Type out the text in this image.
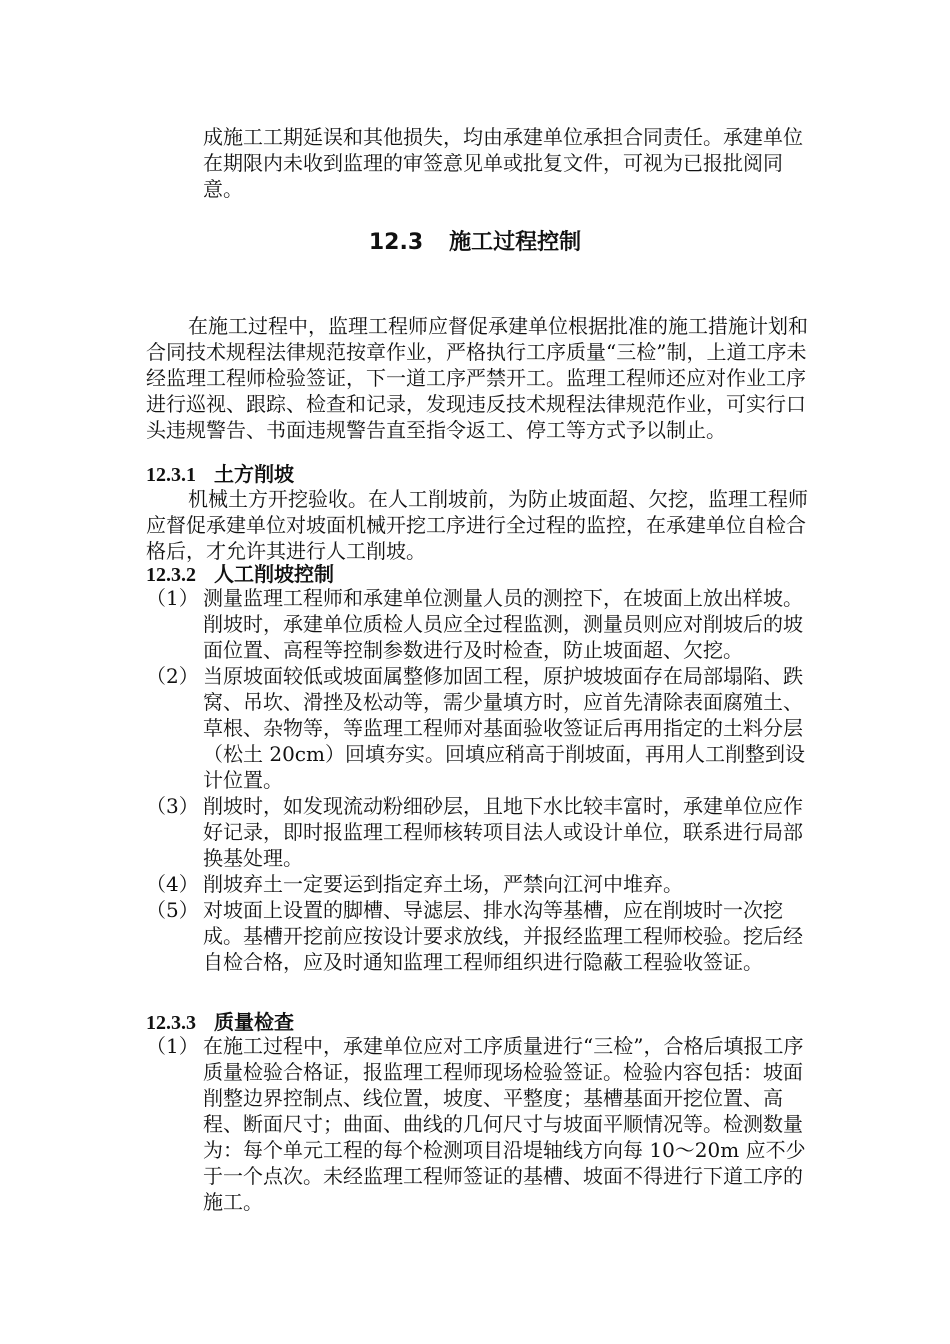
成施工工期延误和其他损失，均由承建单位承担合同责任。承建单位在期限内未收到监理的审签意见单或批复文件，可视为已报批阅同意。

12.3 施工过程控制

在施工过程中，监理工程师应督促承建单位根据批准的施工措施计划和合同技术规程法律规范按章作业，严格执行工序质量“三检”制，上道工序未经监理工程师检验签证，下一道工序严禁开工。监理工程师还应对作业工序进行巡视、跟踪、检查和记录，发现违反技术规程法律规范作业，可实行口头违规警告、书面违规警告直至指令返工、停工等方式予以制止。

12.3.1 土方削坡

机械土方开挖验收。在人工削坡前，为防止坡面超、欠挖，监理工程师应督促承建单位对坡面机械开挖工序进行全过程的监控，在承建单位自检合格后，才允许其进行人工削坡。

12.3.2 人工削坡控制

（1） 测量监理工程师和承建单位测量人员的测控下，在坡面上放出样坡。削坡时，承建单位质检人员应全过程监测，测量员则应对削坡后的坡面位置、高程等控制参数进行及时检查，防止坡面超、欠挖。
（2） 当原坡面较低或坡面属整修加固工程，原护坡坡面存在局部塌陷、跌窝、吊坎、滑挫及松动等，需少量填方时，应首先清除表面腐殖土、草根、杂物等，等监理工程师对基面验收签证后再用指定的土料分层（松土 20cm）回填夯实。回填应稍高于削坡面，再用人工削整到设计位置。
（3） 削坡时，如发现流动粉细砂层，且地下水比较丰富时，承建单位应作好记录，即时报监理工程师核转项目法人或设计单位，联系进行局部换基处理。
（4） 削坡弃土一定要运到指定弃土场，严禁向江河中堆弃。
（5） 对坡面上设置的脚槽、导滤层、排水沟等基槽，应在削坡时一次挖成。基槽开挖前应按设计要求放线，并报经监理工程师校验。挖后经自检合格，应及时通知监理工程师组织进行隐蔽工程验收签证。

12.3.3 质量检查

（1） 在施工过程中，承建单位应对工序质量进行“三检”，合格后填报工序质量检验合格证，报监理工程师现场检验签证。检验内容包括：坡面削整边界控制点、线位置，坡度、平整度；基槽基面开挖位置、高程、断面尺寸；曲面、曲线的几何尺寸与坡面平顺情况等。检测数量为：每个单元工程的每个检测项目沿堤轴线方向每 10～20m 应不少于一个点次。未经监理工程师签证的基槽、坡面不得进行下道工序的施工。
